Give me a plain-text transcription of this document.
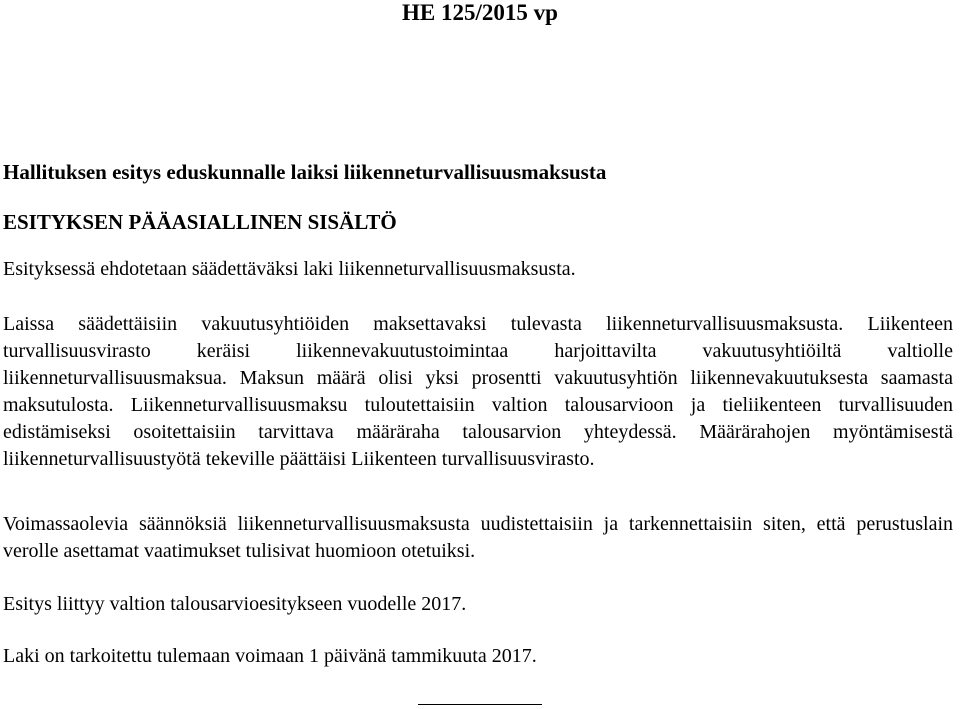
HE 125/2015 vp
Hallituksen esitys eduskunnalle laiksi liikenneturvallisuusmaksusta
ESITYKSEN PÄÄASIALLINEN SISÄLTÖ

Esityksessä ehdotetaan säädettäväksi laki liikenneturvallisuusmaksusta.

Laissa säädettäisiin vakuutusyhtiöiden maksettavaksi tulevasta liikenneturvallisuusmaksusta. Liikenteen turvallisuusvirasto keräisi liikennevakuutustoimintaa harjoittavilta vakuutusyhtiöiltä valtiolle liikenneturvallisuusmaksua. Maksun määrä olisi yksi prosentti vakuutusyhtiön liikennevakuutuksesta saamasta maksutulosta. Liikenneturvallisuusmaksu tuloutettaisiin valtion talousarvioon ja tieliikenteen turvallisuuden edistämiseksi osoitettaisiin tarvittava määräraha talousarvion yhteydessä. Määrärahojen myöntämisestä liikenneturvallisuustyötä tekeville päättäisi Liikenteen turvallisuusvirasto.

Voimassaolevia säännöksiä liikenneturvallisuusmaksusta uudistettaisiin ja tarkennettaisiin siten, että perustuslain verolle asettamat vaatimukset tulisivat huomioon otetuiksi.

Esitys liittyy valtion talousarvioesitykseen vuodelle 2017.

Laki on tarkoitettu tulemaan voimaan 1 päivänä tammikuuta 2017.
